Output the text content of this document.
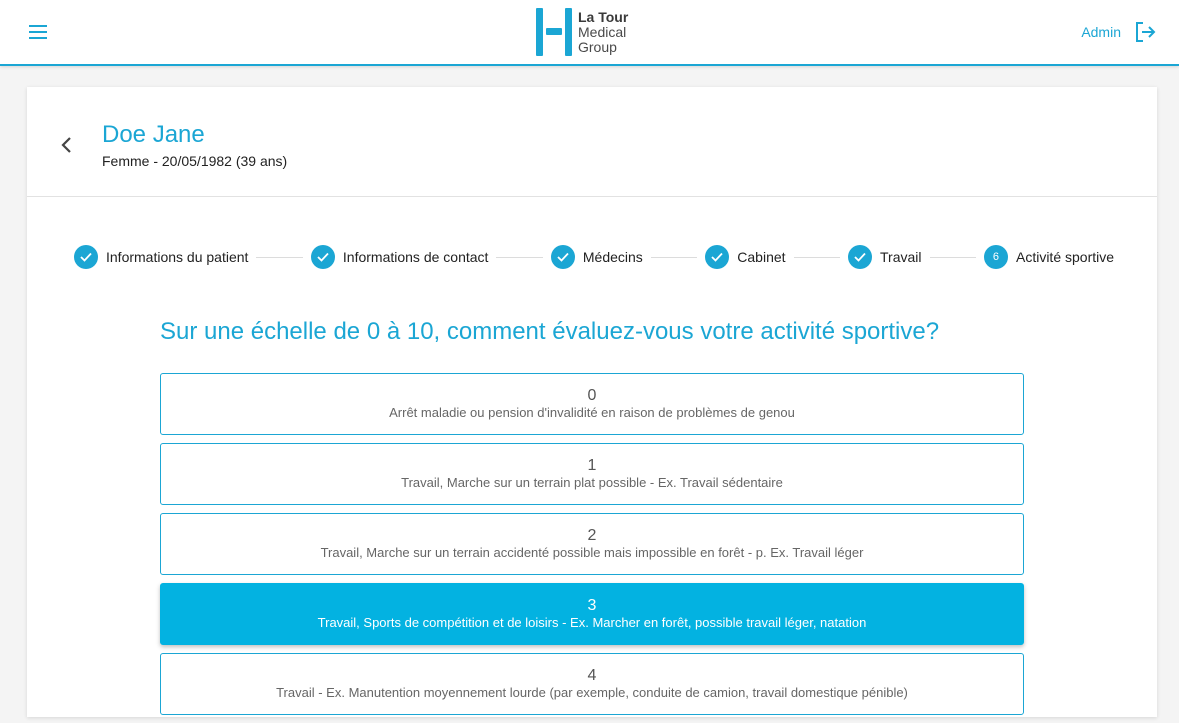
La Tour
Medical
Group
Admin
Doe Jane
Femme - 20/05/1982 (39 ans)
Informations du patient	Informations de contact	Médecins	Cabinet	Travail	6	Activité sportive
Sur une échelle de 0 à 10, comment évaluez-vous votre activité sportive?
0
Arrêt maladie ou pension d'invalidité en raison de problèmes de genou
1
Travail, Marche sur un terrain plat possible - Ex. Travail sédentaire
2
Travail, Marche sur un terrain accidenté possible mais impossible en forêt - p. Ex. Travail léger
3
Travail, Sports de compétition et de loisirs - Ex. Marcher en forêt, possible travail léger, natation
4
Travail - Ex. Manutention moyennement lourde (par exemple, conduite de camion, travail domestique pénible)
